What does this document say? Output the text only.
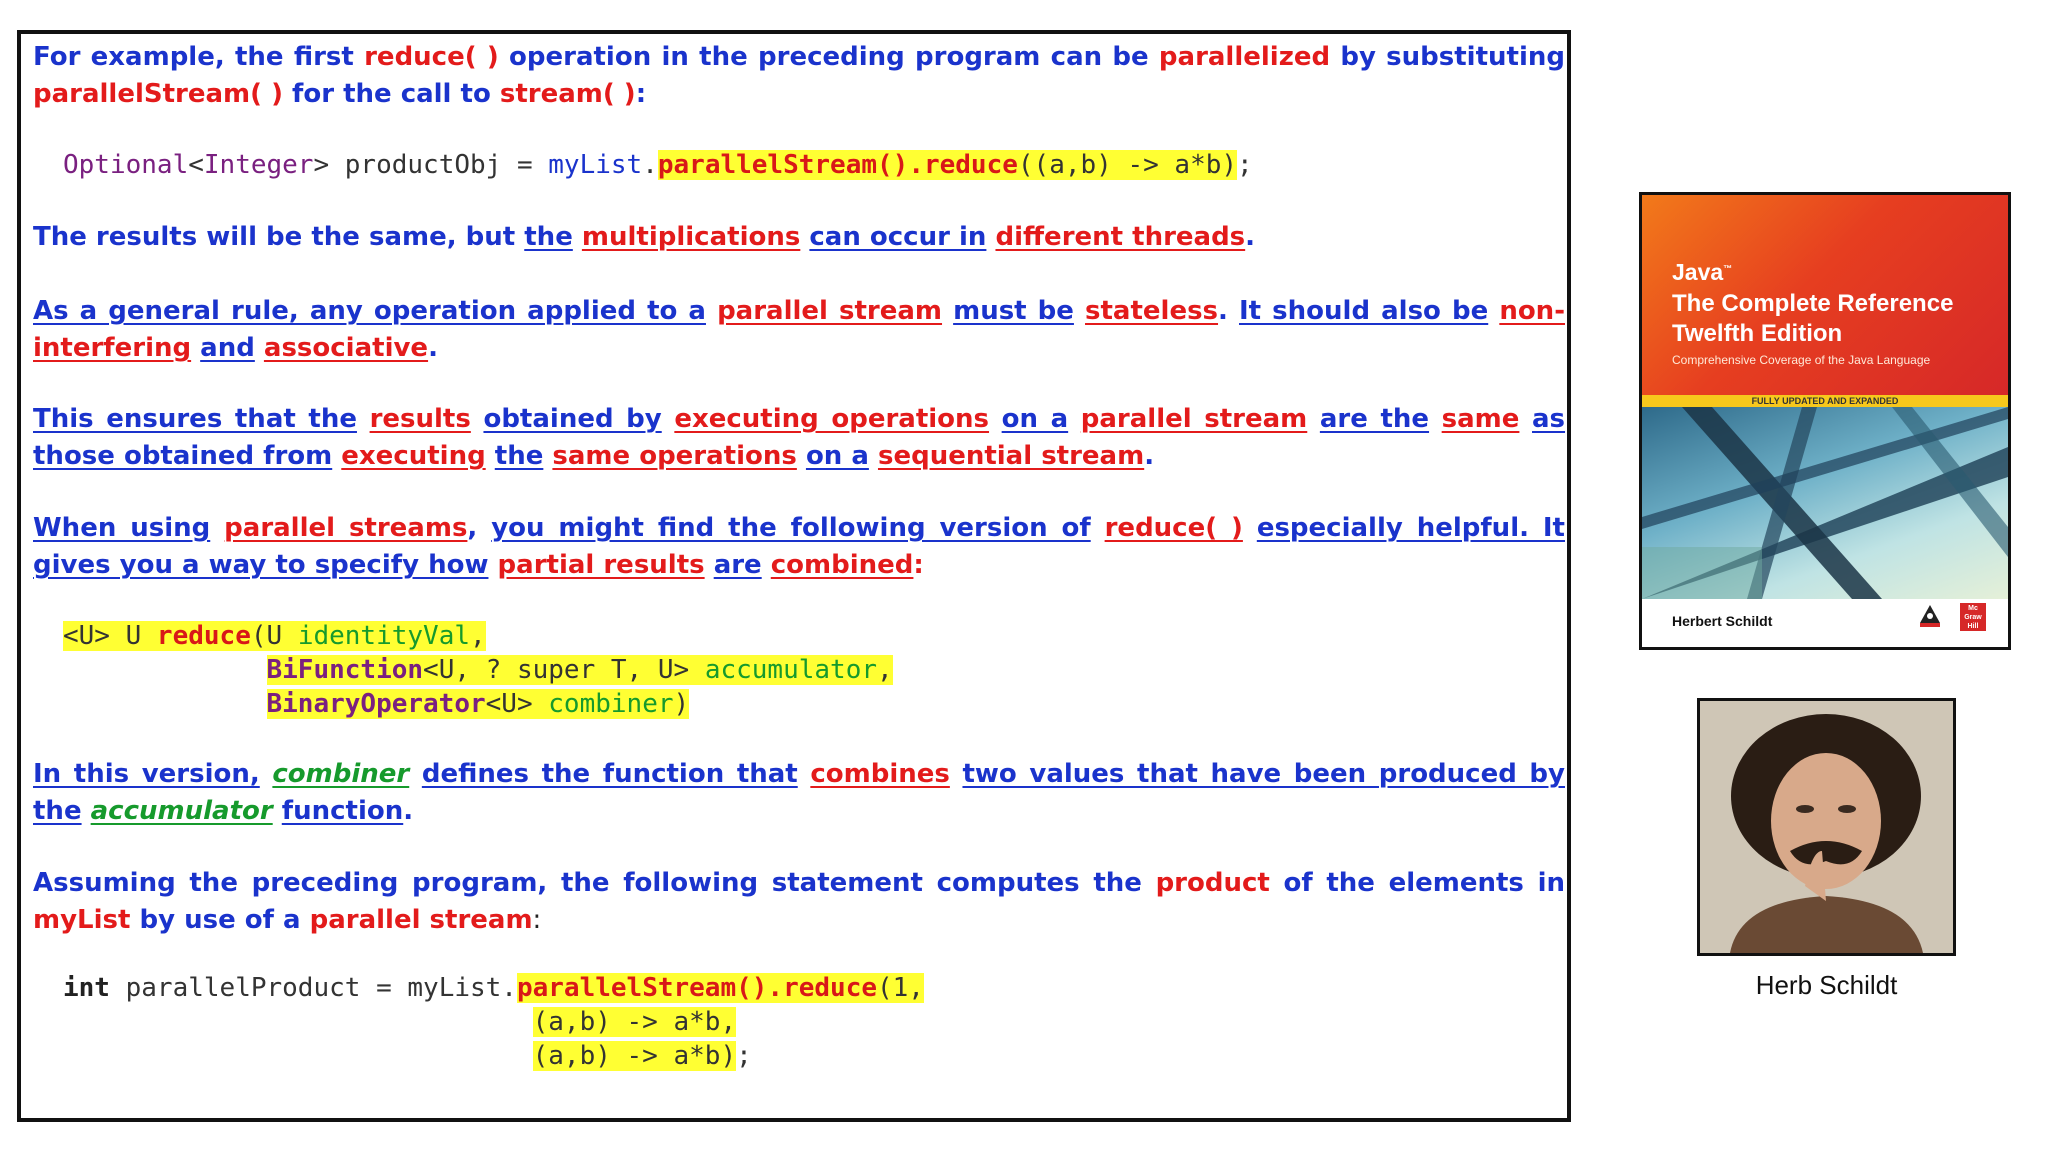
For example, the first reduce( ) operation in the preceding program can be parallelized by substituting parallelStream( ) for the call to stream( ):
Optional<Integer> productObj = myList.parallelStream().reduce((a,b) -> a*b);
The results will be the same, but the multiplications can occur in different threads.
As a general rule, any operation applied to a parallel stream must be stateless. It should also be non-interfering and associative.
This ensures that the results obtained by executing operations on a parallel stream are the same as those obtained from executing the same operations on a sequential stream.
When using parallel streams, you might find the following version of reduce( ) especially helpful. It gives you a way to specify how partial results are combined:
<U> U reduce(U identityVal,
BiFunction<U, ? super T, U> accumulator,
BinaryOperator<U> combiner)
In this version, combiner defines the function that combines two values that have been produced by the accumulator function.
Assuming the preceding program, the following statement computes the product of the elements in myList by use of a parallel stream:
int parallelProduct = myList.parallelStream().reduce(1,
(a,b) -> a*b,
(a,b) -> a*b);
Java™
The Complete Reference
Twelfth Edition
Comprehensive Coverage of the Java Language
FULLY UPDATED AND EXPANDED
Herbert Schildt
Mc Graw Hill
Herb Schildt
